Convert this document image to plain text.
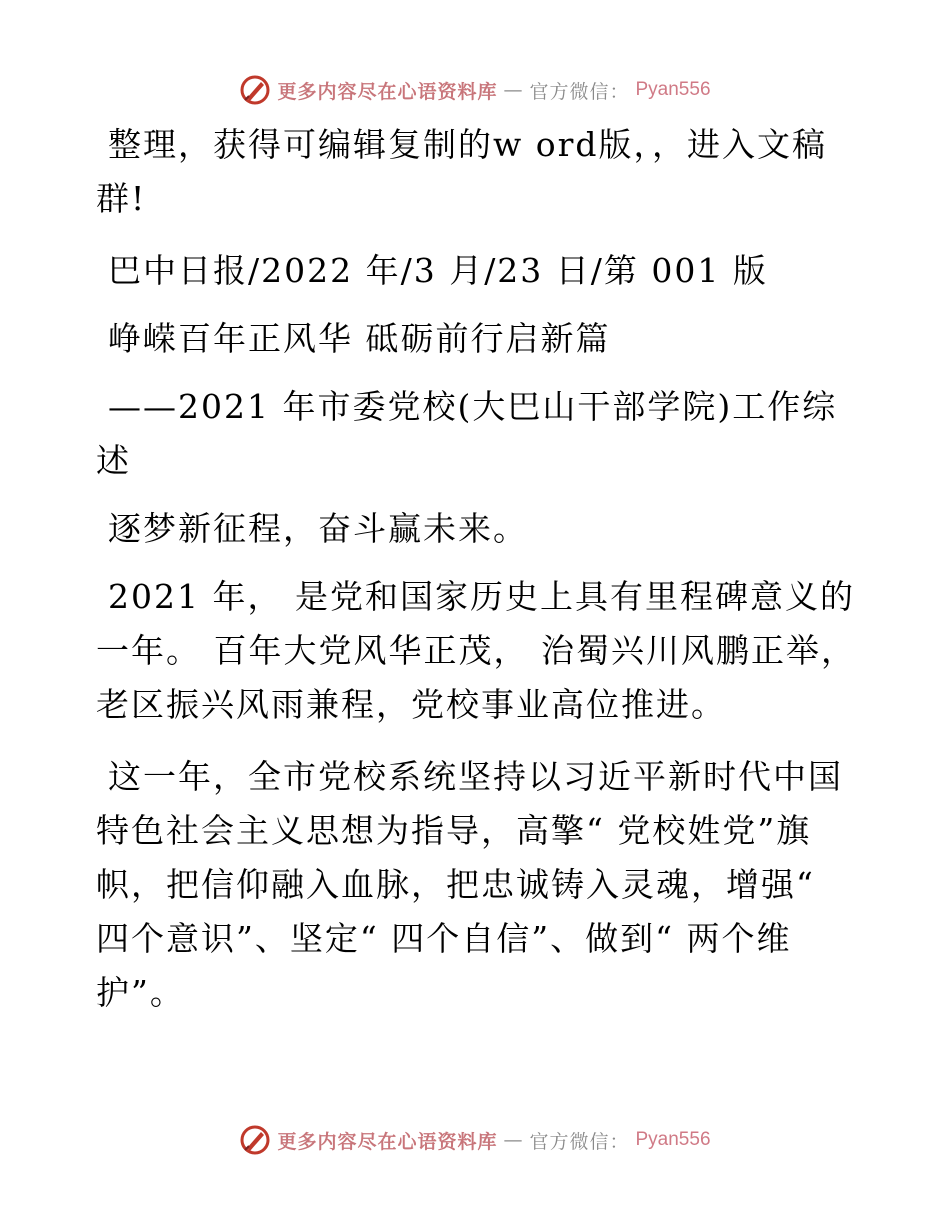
更多内容尽在心语资料库 — 官方微信： Pyan556

整理，获得可编辑复制的w ord版，，进入文稿群!

巴中日报/2022 年/3 月/23 日/第 001 版

峥嵘百年正风华 砥砺前行启新篇

——2021 年市委党校(大巴山干部学院)工作综述

逐梦新征程，奋斗赢未来。

2021 年， 是党和国家历史上具有里程碑意义的一年。 百年大党风华正茂， 治蜀兴川风鹏正举，老区振兴风雨兼程，党校事业高位推进。

这一年，全市党校系统坚持以习近平新时代中国特色社会主义思想为指导，高擎“ 党校姓党”旗帜，把信仰融入血脉，把忠诚铸入灵魂，增强“ 四个意识”、坚定“ 四个自信”、做到“ 两个维护”。

更多内容尽在心语资料库 — 官方微信： Pyan556
